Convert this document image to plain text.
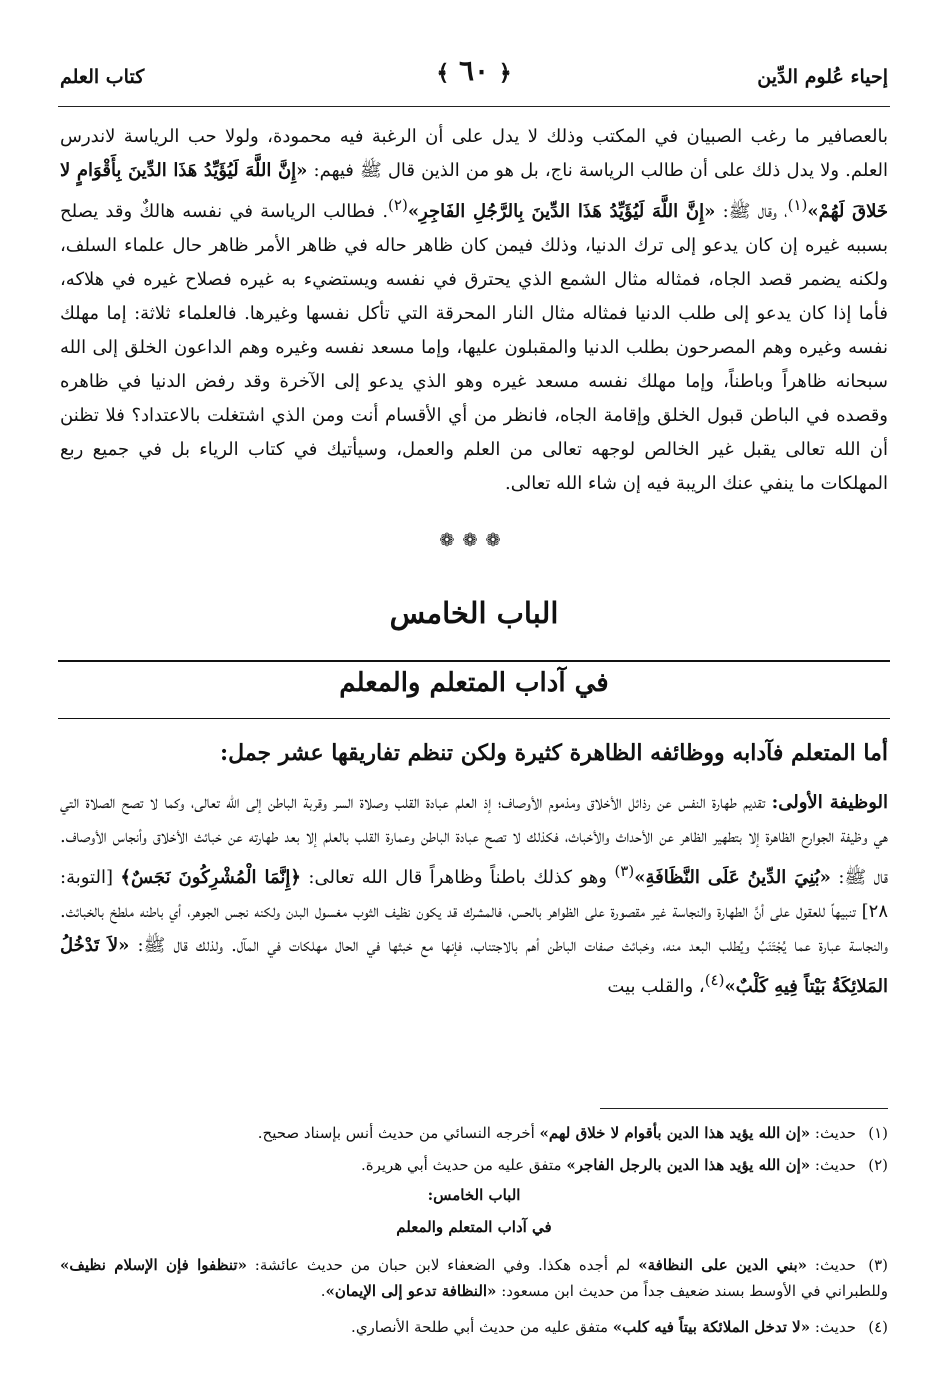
إحياء عُلوم الدِّين
﴿ ٦٠ ﴾
كتاب العلم
بالعصافير ما رغب الصبيان في المكتب وذلك لا يدل على أن الرغبة فيه محمودة، ولولا حب الرياسة لاندرس العلم. ولا يدل ذلك على أن طالب الرياسة ناج، بل هو من الذين قال ﷺ فيهم: «إِنَّ اللَّهَ لَيُؤَيِّدُ هَذَا الدِّينَ بِأَقْوَامٍ لا خَلاقَ لَهُمْ»$^{(١)}$، وقال ﷺ: «إِنَّ اللَّهَ لَيُؤَيِّدُ هَذَا الدِّينَ بِالرَّجُلِ الفَاجِرِ»$^{(٢)}$. فطالب الرياسة في نفسه هالكٌ وقد يصلح بسببه غيره إن كان يدعو إلى ترك الدنيا، وذلك فيمن كان ظاهر حاله في ظاهر الأمر ظاهر حال علماء السلف، ولكنه يضمر قصد الجاه، فمثاله مثال الشمع الذي يحترق في نفسه ويستضيء به غيره فصلاح غيره في هلاكه، فأما إذا كان يدعو إلى طلب الدنيا فمثاله مثال النار المحرقة التي تأكل نفسها وغيرها. فالعلماء ثلاثة: إما مهلك نفسه وغيره وهم المصرحون بطلب الدنيا والمقبلون عليها، وإما مسعد نفسه وغيره وهم الداعون الخلق إلى الله سبحانه ظاهراً وباطناً، وإما مهلك نفسه مسعد غيره وهو الذي يدعو إلى الآخرة وقد رفض الدنيا في ظاهره وقصده في الباطن قبول الخلق وإقامة الجاه، فانظر من أي الأقسام أنت ومن الذي اشتغلت بالاعتداد؟ فلا تظنن أن الله تعالى يقبل غير الخالص لوجهه تعالى من العلم والعمل، وسيأتيك في كتاب الرياء بل في جميع ربع المهلكات ما ينفي عنك الريبة فيه إن شاء الله تعالى.
❁❁❁
الباب الخامس
في آداب المتعلم والمعلم
أما المتعلم فآدابه ووظائفه الظاهرة كثيرة ولكن تنظم تفاريقها عشر جمل:
الوظيفة الأولى: تقديم طهارة النفس عن رذائل الأخلاق ومذموم الأوصاف؛ إذ العلم عبادة القلب وصلاة السر وقربة الباطن إلى الله تعالى، وكما لا تصح الصلاة التي هي وظيفة الجوارح الظاهرة إلا بتطهير الظاهر عن الأحداث والأخباث، فكذلك لا تصح عبادة الباطن وعمارة القلب بالعلم إلا بعد طهارته عن خبائث الأخلاق وأنجاس الأوصاف. قال ﷺ: «بُنِيَ الدِّينُ عَلَى النَّظَافَةِ»$^{(٣)}$ وهو كذلك باطناً وظاهراً قال الله تعالى: ﴿إِنَّمَا الْمُشْرِكُونَ نَجَسٌ﴾ [التوبة: ٢٨] تنبيهاً للعقول على أنَّ الطهارة والنجاسة غير مقصورة على الظواهر بالحس، فالمشرك قد يكون نظيف الثوب مغسول البدن ولكنه نجس الجوهر، أي باطنه ملطخ بالخبائث. والنجاسة عبارة عما يُجْتَنَبُ ويُطلب البعد منه، وخبائث صفات الباطن أهم بالاجتناب، فإنها مع خبثها في الحال مهلكات في المآل. ولذلك قال ﷺ: «لاَ تَدْخُلُ المَلائِكَةُ بَيْتاً فِيهِ كَلْبٌ»$^{(٤)}$، والقلب بيت
(١)حديث: «إن الله يؤيد هذا الدين بأقوام لا خلاق لهم» أخرجه النسائي من حديث أنس بإسناد صحيح.
(٢)حديث: «إن الله يؤيد هذا الدين بالرجل الفاجر» متفق عليه من حديث أبي هريرة.
الباب الخامس:
في آداب المتعلم والمعلم
(٣)حديث: «بني الدين على النظافة» لم أجده هكذا. وفي الضعفاء لابن حبان من حديث عائشة: «تنظفوا فإن الإسلام نظيف» وللطبراني في الأوسط بسند ضعيف جداً من حديث ابن مسعود: «النظافة تدعو إلى الإيمان».
(٤)حديث: «لا تدخل الملائكة بيتاً فيه كلب» متفق عليه من حديث أبي طلحة الأنصاري.
